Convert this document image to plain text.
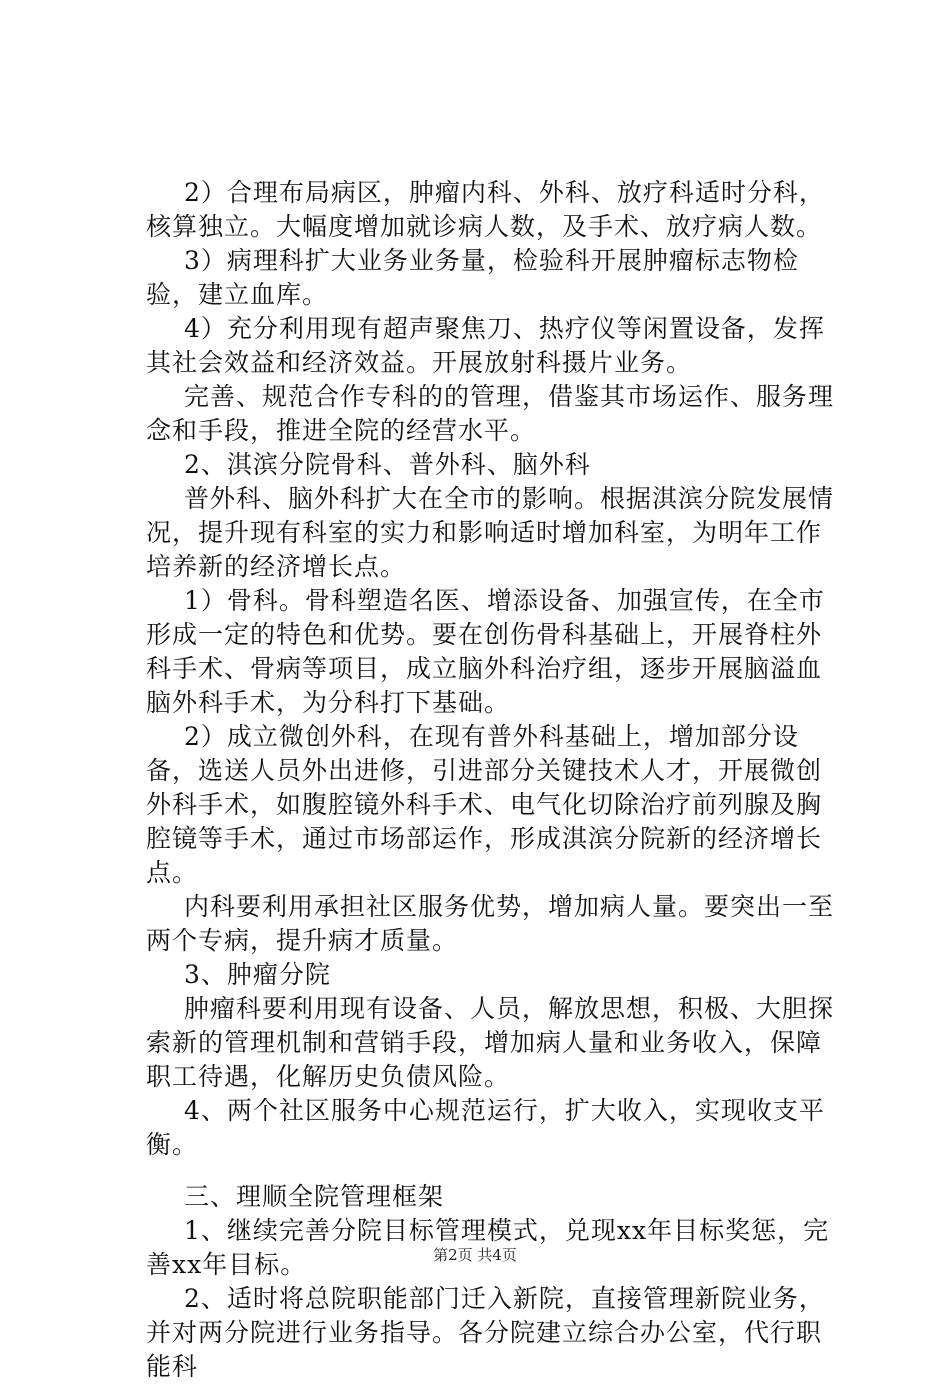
2）合理布局病区，肿瘤内科、外科、放疗科适时分科，核算独立。大幅度增加就诊病人数，及手术、放疗病人数。

3）病理科扩大业务业务量，检验科开展肿瘤标志物检验，建立血库。

4）充分利用现有超声聚焦刀、热疗仪等闲置设备，发挥其社会效益和经济效益。开展放射科摄片业务。

完善、规范合作专科的的管理，借鉴其市场运作、服务理念和手段，推进全院的经营水平。

2、淇滨分院骨科、普外科、脑外科

普外科、脑外科扩大在全市的影响。根据淇滨分院发展情况，提升现有科室的实力和影响适时增加科室，为明年工作培养新的经济增长点。

1）骨科。骨科塑造名医、增添设备、加强宣传，在全市形成一定的特色和优势。要在创伤骨科基础上，开展脊柱外科手术、骨病等项目，成立脑外科治疗组，逐步开展脑溢血脑外科手术，为分科打下基础。

2）成立微创外科，在现有普外科基础上，增加部分设备，选送人员外出进修，引进部分关键技术人才，开展微创外科手术，如腹腔镜外科手术、电气化切除治疗前列腺及胸腔镜等手术，通过市场部运作，形成淇滨分院新的经济增长点。

内科要利用承担社区服务优势，增加病人量。要突出一至两个专病，提升病才质量。

3、肿瘤分院

肿瘤科要利用现有设备、人员，解放思想，积极、大胆探索新的管理机制和营销手段，增加病人量和业务收入，保障职工待遇，化解历史负债风险。

4、两个社区服务中心规范运行，扩大收入，实现收支平衡。

三、理顺全院管理框架

1、继续完善分院目标管理模式，兑现xx年目标奖惩，完善xx年目标。

2、适时将总院职能部门迁入新院，直接管理新院业务，并对两分院进行业务指导。各分院建立综合办公室，代行职能科

第2页 共4页
